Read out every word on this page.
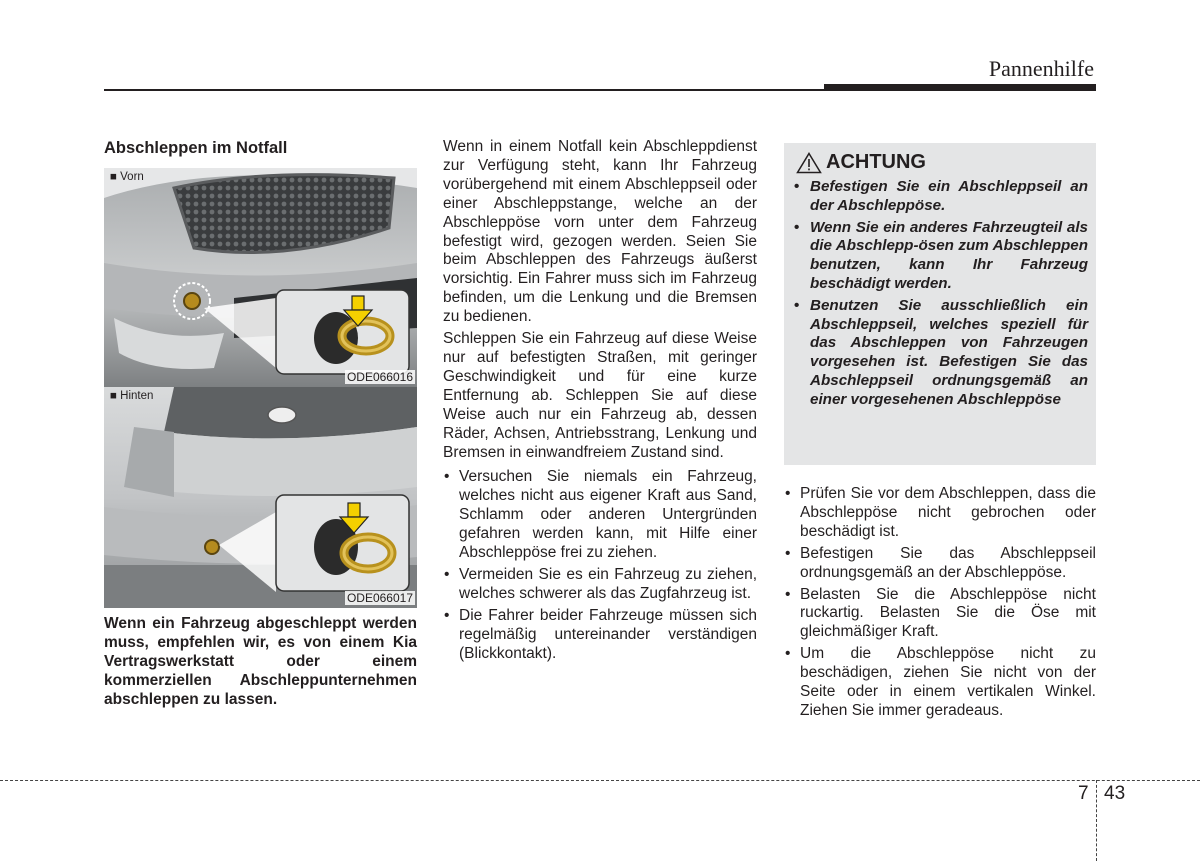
Pannenhilfe
Abschleppen im Notfall
■ Vorn
ODE066016
■ Hinten
ODE066017
Wenn ein Fahrzeug abgeschleppt werden muss, empfehlen wir, es von einem Kia Vertragswerkstatt oder einem kommerziellen Abschleppunternehmen abschleppen zu lassen.

Wenn in einem Notfall kein Abschleppdienst zur Verfügung steht, kann Ihr Fahrzeug vorübergehend mit einem Abschleppseil oder einer Abschleppstange, welche an der Abschleppöse vorn unter dem Fahrzeug befestigt wird, gezogen werden. Seien Sie beim Abschleppen des Fahrzeugs äußerst vorsichtig. Ein Fahrer muss sich im Fahrzeug befinden, um die Lenkung und die Bremsen zu bedienen.

Schleppen Sie ein Fahrzeug auf diese Weise nur auf befestigten Straßen, mit geringer Geschwindigkeit und für eine kurze Entfernung ab. Schleppen Sie auf diese Weise auch nur ein Fahrzeug ab, dessen Räder, Achsen, Antriebsstrang, Lenkung und Bremsen in einwandfreiem Zustand sind.

• Versuchen Sie niemals ein Fahrzeug, welches nicht aus eigener Kraft aus Sand, Schlamm oder anderen Untergründen gefahren werden kann, mit Hilfe einer Abschleppöse frei zu ziehen.
• Vermeiden Sie es ein Fahrzeug zu ziehen, welches schwerer als das Zugfahrzeug ist.
• Die Fahrer beider Fahrzeuge müssen sich regelmäßig untereinander verständigen (Blickkontakt).
ACHTUNG
• Befestigen Sie ein Abschleppseil an der Abschleppöse.
• Wenn Sie ein anderes Fahrzeugteil als die Abschlepp-ösen zum Abschleppen benutzen, kann Ihr Fahrzeug beschädigt werden.
• Benutzen Sie ausschließlich ein Abschleppseil, welches speziell für das Abschleppen von Fahrzeugen vorgesehen ist. Befestigen Sie das Abschleppseil ordnungsgemäß an einer vorgesehenen Abschleppöse
• Prüfen Sie vor dem Abschleppen, dass die Abschleppöse nicht gebrochen oder beschädigt ist.
• Befestigen Sie das Abschleppseil ordnungsgemäß an der Abschleppöse.
• Belasten Sie die Abschleppöse nicht ruckartig. Belasten Sie die Öse mit gleichmäßiger Kraft.
• Um die Abschleppöse nicht zu beschädigen, ziehen Sie nicht von der Seite oder in einem vertikalen Winkel. Ziehen Sie immer geradeaus.
7 43
